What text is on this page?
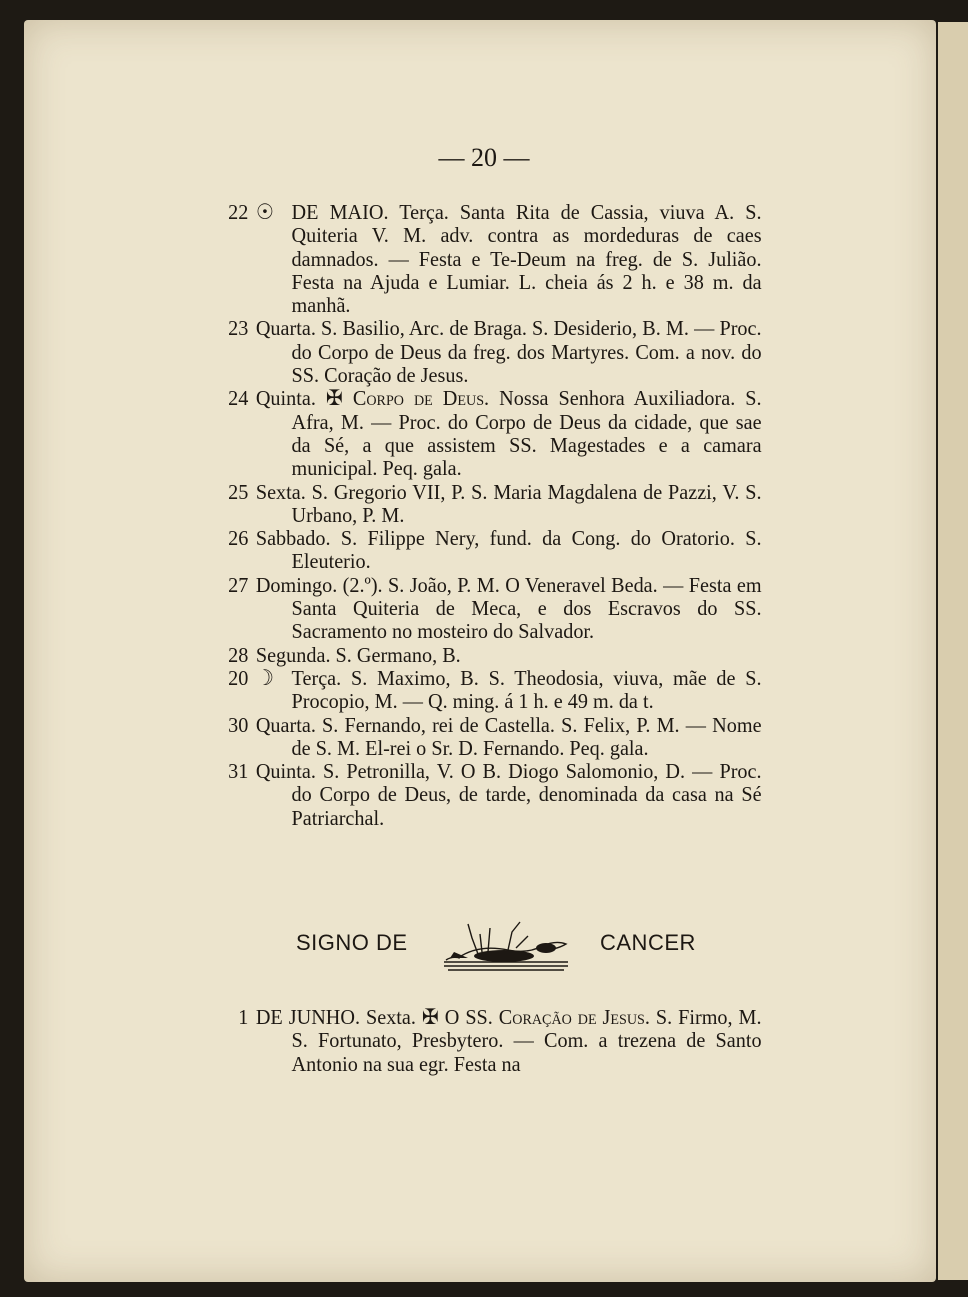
— 20 —
22 ☉ DE MAIO. Terça. Santa Rita de Cassia, viuva A. S. Quiteria V. M. adv. contra as mordeduras de caes damnados. — Festa e Te-Deum na freg. de S. Julião. Festa na Ajuda e Lumiar. L. cheia ás 2 h. e 38 m. da manhã.
23 Quarta. S. Basilio, Arc. de Braga. S. Desiderio, B. M. — Proc. do Corpo de Deus da freg. dos Martyres. Com. a nov. do SS. Coração de Jesus.
24 Quinta. ✠ Corpo de Deus. Nossa Senhora Auxiliadora. S. Afra, M. — Proc. do Corpo de Deus da cidade, que sae da Sé, a que assistem SS. Magestades e a camara municipal. Peq. gala.
25 Sexta. S. Gregorio VII, P. S. Maria Magdalena de Pazzi, V. S. Urbano, P. M.
26 Sabbado. S. Filippe Nery, fund. da Cong. do Oratorio. S. Eleuterio.
27 Domingo. (2.º). S. João, P. M. O Veneravel Beda. — Festa em Santa Quiteria de Meca, e dos Escravos do SS. Sacramento no mosteiro do Salvador.
28 Segunda. S. Germano, B.
20 ☽ Terça. S. Maximo, B. S. Theodosia, viuva, mãe de S. Procopio, M. — Q. ming. á 1 h. e 49 m. da t.
30 Quarta. S. Fernando, rei de Castella. S. Felix, P. M. — Nome de S. M. El-rei o Sr. D. Fernando. Peq. gala.
31 Quinta. S. Petronilla, V. O B. Diogo Salomonio, D. — Proc. do Corpo de Deus, de tarde, denominada da casa na Sé Patriarchal.
SIGNO DE	CANCER
1 DE JUNHO. Sexta. ✠ O SS. Coração de Jesus. S. Firmo, M. S. Fortunato, Presbytero. — Com. a trezena de Santo Antonio na sua egr. Festa na
